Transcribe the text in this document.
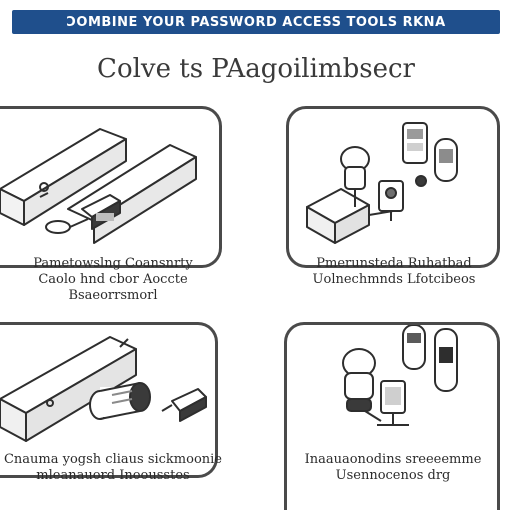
ƆOMBINE YOUR PASSWORD ACCESS TOOLS RKNA
Colve ts PAagoilimbsecr
Pametowslng Coansnrty
Caolo hnd cbor Aoccte
Bsaeorrsmorl
Pmerunsteda Ruhatbad
Uolnechmnds Lfotcibeos
Cnauma yogsh cliaus sickmoonie
mleanauord Inoousstes
Inaauaonodins sreeeemme
Usennocenos drg
